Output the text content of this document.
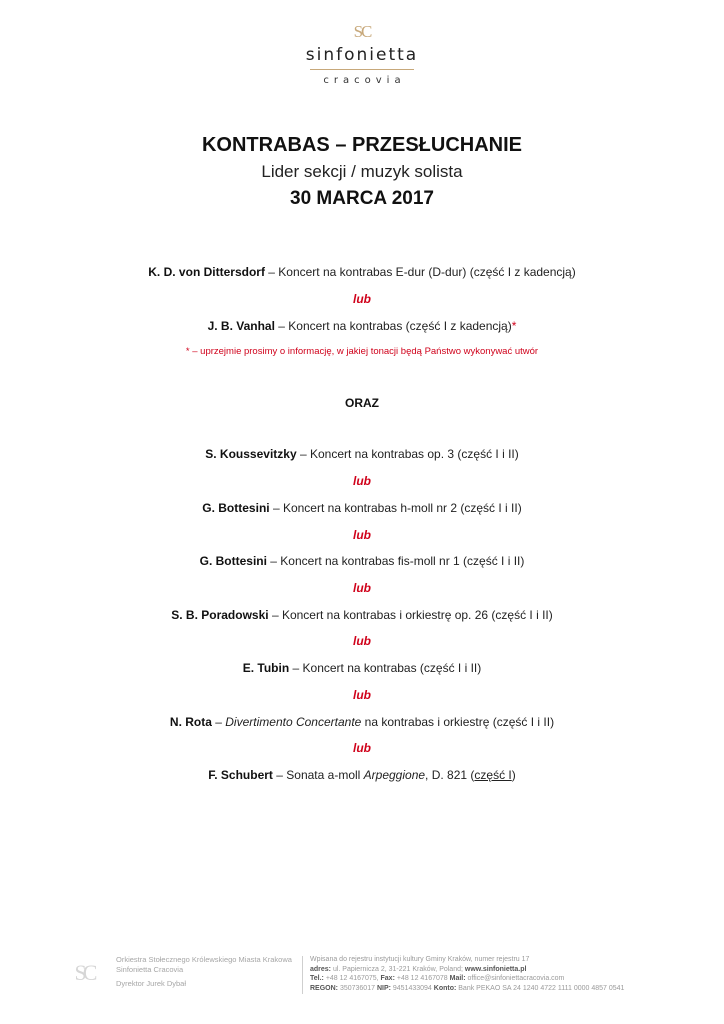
SC
sinfonietta
cracovia
KONTRABAS – PRZESŁUCHANIE
Lider sekcji / muzyk solista
30 MARCA 2017
K. D. von Dittersdorf – Koncert na kontrabas E-dur (D-dur) (część I z kadencją)
lub
J. B. Vanhal – Koncert na kontrabas (część I z kadencją)*
* – uprzejmie prosimy o informację, w jakiej tonacji będą Państwo wykonywać utwór
ORAZ
S. Koussevitzky – Koncert na kontrabas op. 3 (część I i II)
lub
G. Bottesini – Koncert na kontrabas h-moll nr 2 (część I i II)
lub
G. Bottesini – Koncert na kontrabas fis-moll nr 1 (część I i II)
lub
S. B. Poradowski – Koncert na kontrabas i orkiestrę op. 26 (część I i II)
lub
E. Tubin – Koncert na kontrabas (część I i II)
lub
N. Rota – Divertimento Concertante na kontrabas i orkiestrę (część I i II)
lub
F. Schubert – Sonata a-moll Arpeggione, D. 821 (część I)
SC
Orkiestra Stołecznego Królewskiego Miasta Krakowa
Sinfonietta Cracovia
Dyrektor Jurek Dybał
Wpisana do rejestru instytucji kultury Gminy Kraków, numer rejestru 17
adres: ul. Papiernicza 2, 31-221 Kraków, Poland; www.sinfonietta.pl
Tel.: +48 12 4167075, Fax: +48 12 4167078 Mail: office@sinfoniettacracovia.com
REGON: 350736017 NIP: 9451433094 Konto: Bank PEKAO SA 24 1240 4722 1111 0000 4857 0541
